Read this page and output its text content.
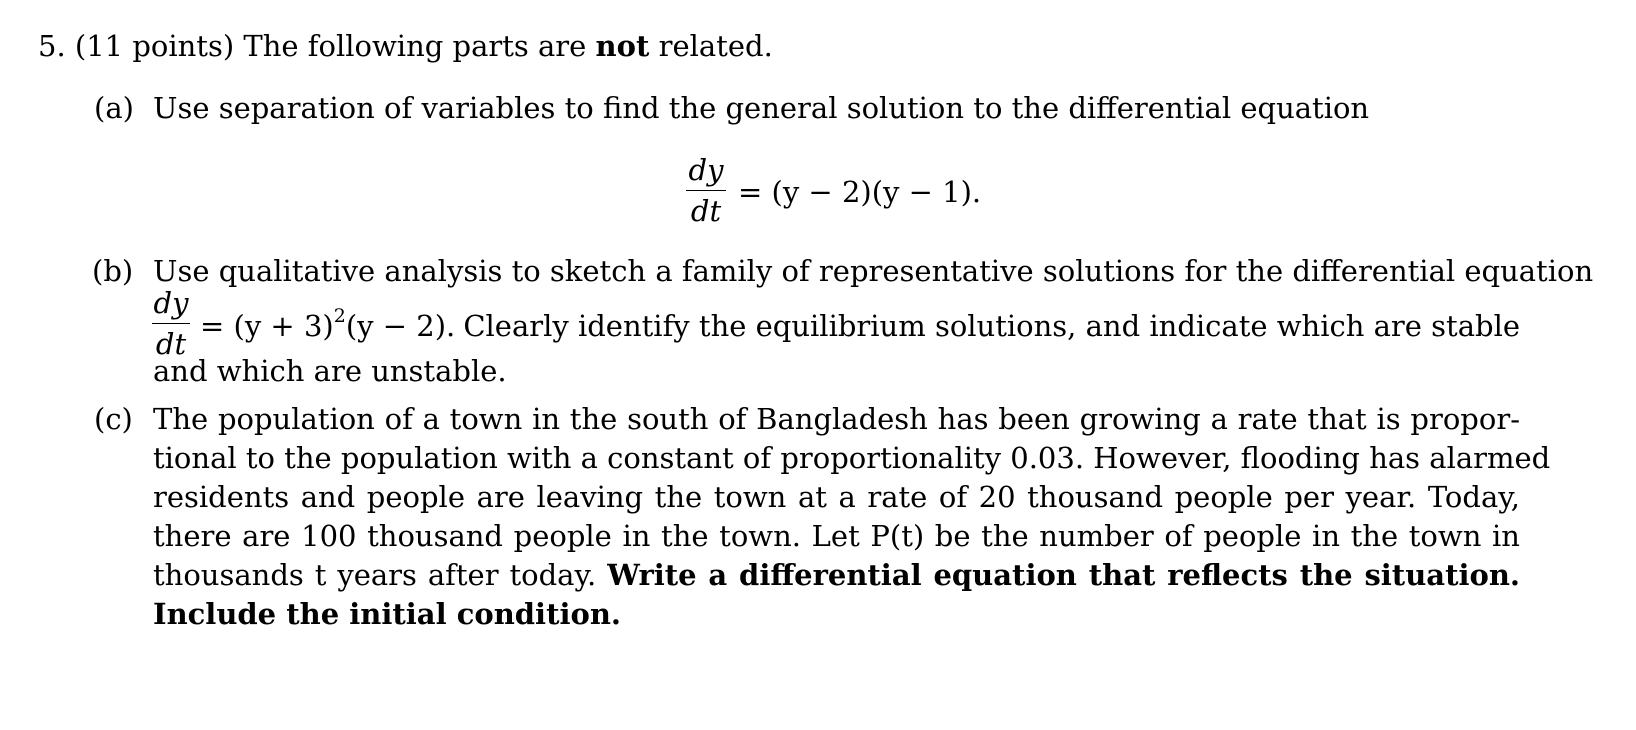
5. (11 points) The following parts are not related.
(a) Use separation of variables to find the general solution to the differential equation
dy
dt
= (y − 2)(y − 1).
(b) Use qualitative analysis to sketch a family of representative solutions for the differential equation
dy
dt
= $(y + 3)^2(y - 2)$. Clearly identify the equilibrium solutions, and indicate which are stable
and which are unstable.
(c) The population of a town in the south of Bangladesh has been growing a rate that is propor-
tional to the population with a constant of proportionality 0.03. However, flooding has alarmed
residents and people are leaving the town at a rate of 20 thousand people per year. Today,
there are 100 thousand people in the town. Let P(t) be the number of people in the town in
thousands t years after today. Write a differential equation that reflects the situation.
Include the initial condition.
